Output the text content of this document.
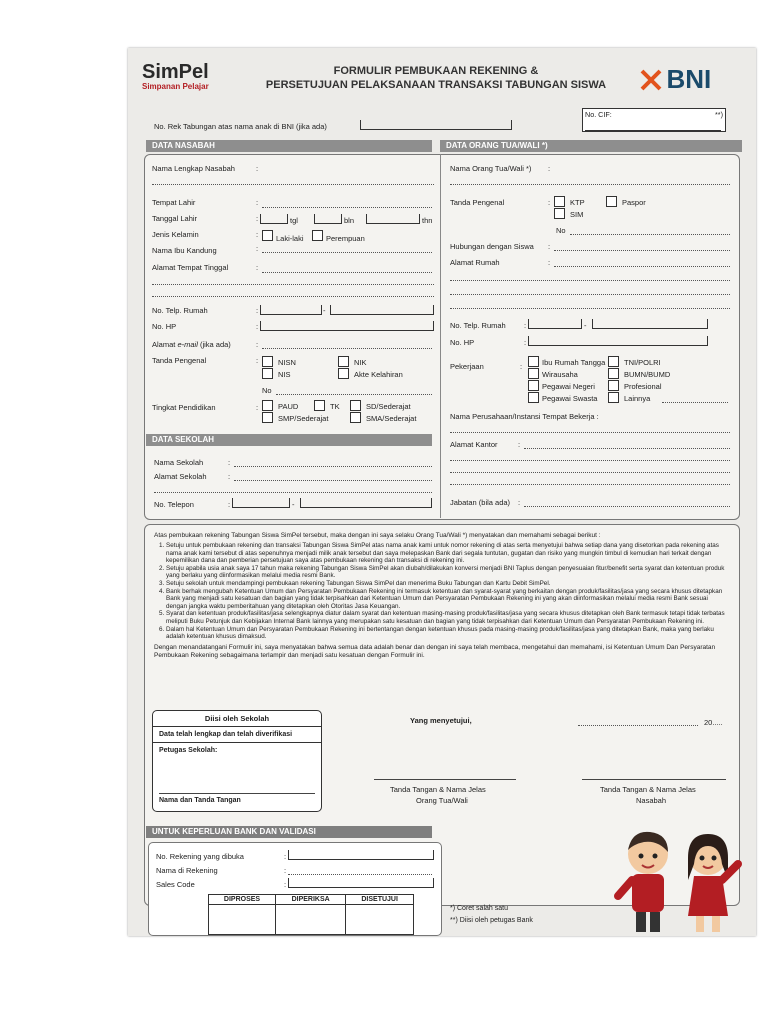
SimPel
Simpanan Pelajar
FORMULIR PEMBUKAAN REKENING &
PERSETUJUAN PELAKSANAAN TRANSAKSI TABUNGAN SISWA	BNI
No. CIF:	**)
No. Rek Tabungan atas nama anak di BNI (jika ada)
DATA NASABAH	DATA ORANG TUA/WALI *)
Nama Lengkap Nasabah	:
Tempat Lahir	:
Tanggal Lahir	:	tgl	bln	thn
Jenis Kelamin	: Laki-laki	Perempuan
Nama Ibu Kandung	:
Alamat Tempat Tinggal	:
No. Telp. Rumah	:	-
No. HP	:
Alamat e-mail (jika ada)	:
Tanda Pengenal	:	NISN	NIK
NIS	Akte Kelahiran
No
Tingkat Pendidikan	:	PAUD	TK	SD/Sederajat
SMP/Sederajat	SMA/Sederajat
DATA SEKOLAH
Nama Sekolah	:
Alamat Sekolah	:
No. Telepon	:	-
Nama Orang Tua/Wali *) :
Tanda Pengenal	:	KTP	Paspor
SIM
No
Hubungan dengan Siswa :
Alamat Rumah	:
No. Telp. Rumah :	-
No. HP	:
Pekerjaan	:	Ibu Rumah Tangga	TNI/POLRI
Wirausaha	BUMN/BUMD
Pegawai Negeri	Profesional
Pegawai Swasta	Lainnya
Nama Perusahaan/Instansi Tempat Bekerja :
Alamat Kantor	:
Jabatan (bila ada) :
Atas pembukaan rekening Tabungan Siswa SimPel tersebut, maka dengan ini saya selaku Orang Tua/Wali *) menyatakan dan memahami sebagai berikut :
1. Setuju untuk pembukaan rekening dan transaksi Tabungan Siswa SimPel atas nama anak kami untuk nomor rekening di atas serta menyetujui bahwa setiap dana yang disetorkan pada rekening atas nama anak kami tersebut di atas sepenuhnya menjadi milik anak tersebut dan saya melepaskan Bank dari segala tuntutan, gugatan dan risiko yang mungkin timbul di kemudian hari terkait dengan kepemilikan dana dan pemberian persetujuan saya atas pembukaan rekening dan transaksi di rekening ini.
2. Setuju apabila usia anak saya 17 tahun maka rekening Tabungan Siswa SimPel akan diubah/dilakukan konversi menjadi BNI Taplus dengan penyesuaian fitur/benefit serta syarat dan ketentuan produk yang berlaku yang diinformasikan melalui media resmi Bank.
3. Setuju sekolah untuk mendampingi pembukaan rekening Tabungan Siswa SimPel dan menerima Buku Tabungan dan Kartu Debit SimPel.
4. Bank berhak mengubah Ketentuan Umum dan Persyaratan Pembukaan Rekening ini termasuk ketentuan dan syarat-syarat yang berkaitan dengan produk/fasilitas/jasa yang secara khusus ditetapkan Bank yang menjadi satu kesatuan dan bagian yang tidak terpisahkan dari Ketentuan Umum dan Persyaratan Pembukaan Rekening ini yang akan diinformasikan melalui media resmi Bank sesuai dengan jangka waktu pemberitahuan yang ditetapkan oleh Otoritas Jasa Keuangan.
5. Syarat dan ketentuan produk/fasilitas/jasa selengkapnya diatur dalam syarat dan ketentuan masing-masing produk/fasilitas/jasa yang secara khusus ditetapkan oleh Bank termasuk tetapi tidak terbatas meliputi Buku Petunjuk dan Kebijakan Internal Bank lainnya yang merupakan satu kesatuan dan bagian yang tidak terpisahkan dari Ketentuan Umum dan Persyaratan Pembukaan Rekening ini.
6. Dalam hal Ketentuan Umum dan Persyaratan Pembukaan Rekening ini bertentangan dengan ketentuan khusus pada masing-masing produk/fasilitas/jasa yang ditetapkan Bank, maka yang berlaku adalah ketentuan khusus dimaksud.
Dengan menandatangani Formulir ini, saya menyatakan bahwa semua data adalah benar dan dengan ini saya telah membaca, mengetahui dan memahami, isi Ketentuan Umum Dan Persyaratan Pembukaan Rekening sebagaimana terlampir dan menjadi satu kesatuan dengan Formulir ini.
Diisi oleh Sekolah
Data telah lengkap dan telah diverifikasi
Petugas Sekolah:
Nama dan Tanda Tangan
Yang menyetujui,	20.....
Tanda Tangan & Nama Jelas
Orang Tua/Wali
Tanda Tangan & Nama Jelas
Nasabah
UNTUK KEPERLUAN BANK DAN VALIDASI
No. Rekening yang dibuka	:
Nama di Rekening	:
Sales Code	:
DIPROSES	DIPERIKSA	DISETUJUI

*) Coret salah satu
**) Diisi oleh petugas Bank
